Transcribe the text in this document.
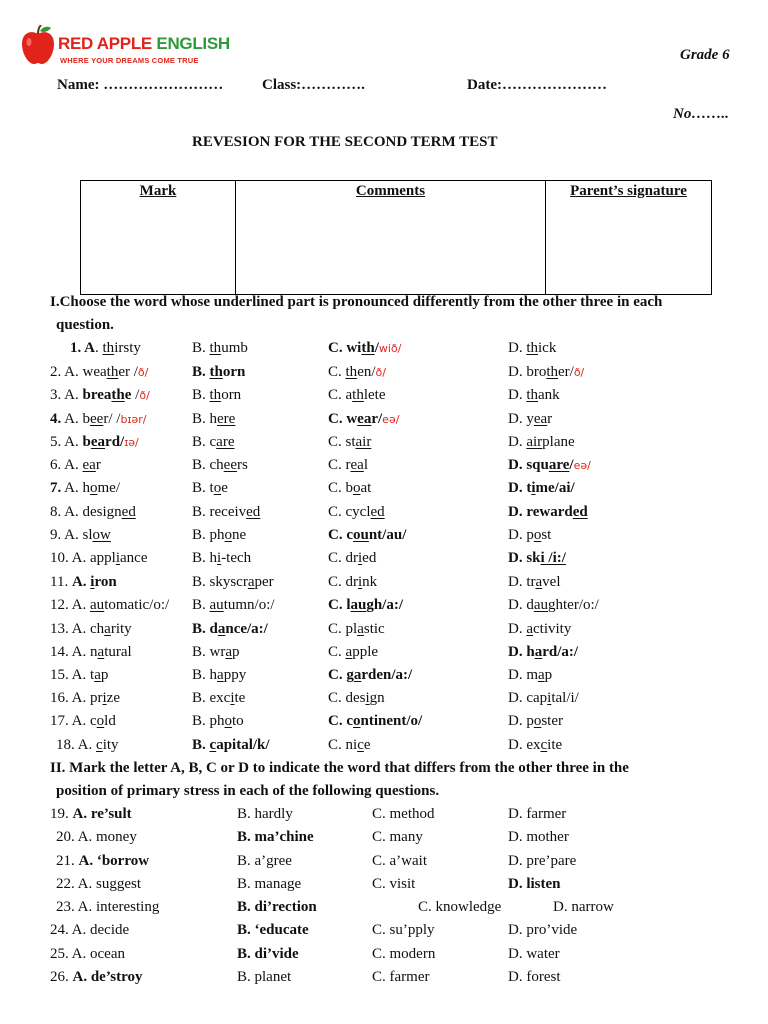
RED APPLE ENGLISH
WHERE YOUR DREAMS COME TRUE	Grade 6
Name: ……………………	Class:………….	Date:…………………
No……..
REVESION FOR THE SECOND TERM TEST
Mark	Comments	Parent’s signature
I.Choose the word whose underlined part is pronounced differently from the other three in each
question.
1. A. thirsty	B. thumb	C. with/wið/	D. thick
2. A. weather /ð/	B. thorn	C. then/ð/	D. brother/ð/
3. A. breathe /ð/	B. thorn	C. athlete	D. thank
4. A. beer/ /bɪər/	B. here	C. wear/eə/	D. year
5. A. beard/ɪə/	B. care	C. stair	D. airplane
6. A. ear	B. cheers	C. real	D. square/eə/
7. A. home/	B. toe	C. boat	D. time/ai/
8. A. designed	B. received	C. cycled	D. rewarded
9. A. slow	B. phone	C. count/au/	D. post
10. A. appliance	B. hi-tech	C. dried	D. ski /i:/
11. A. iron	B. skyscraper	C. drink	D. travel
12. A. automatic/o:/ B. autumn/o:/	C. laugh/a:/	D. daughter/o:/
13. A. charity	B. dance/a:/	C. plastic	D. activity
14. A. natural	B. wrap	C. apple	D. hard/a:/
15. A. tap	B. happy	C. garden/a:/	D. map
16. A. prize	B. excite	C. design	D. capital/i/
17. A. cold	B. photo	C. continent/o/	D. poster
18. A. city	B. capital/k/	C. nice	D. excite
II. Mark the letter A, B, C or D to indicate the word that differs from the other three in the
position of primary stress in each of the following questions.
19. A. re’sult	B. hardly	C. method	D. farmer
20. A. money	B. ma’chine	C. many	D. mother
21. A. ‘borrow	B. a’gree	C. a’wait	D. pre’pare
22. A. suggest	B. manage	C. visit	D. listen
23. A. interesting	B. di’rection	C. knowledge	D. narrow
24. A. decide	B. ‘educate	C. su’pply	D. pro’vide
25. A. ocean	B. di’vide	C. modern	D. water
26. A. de’stroy	B. planet	C. farmer	D. forest
